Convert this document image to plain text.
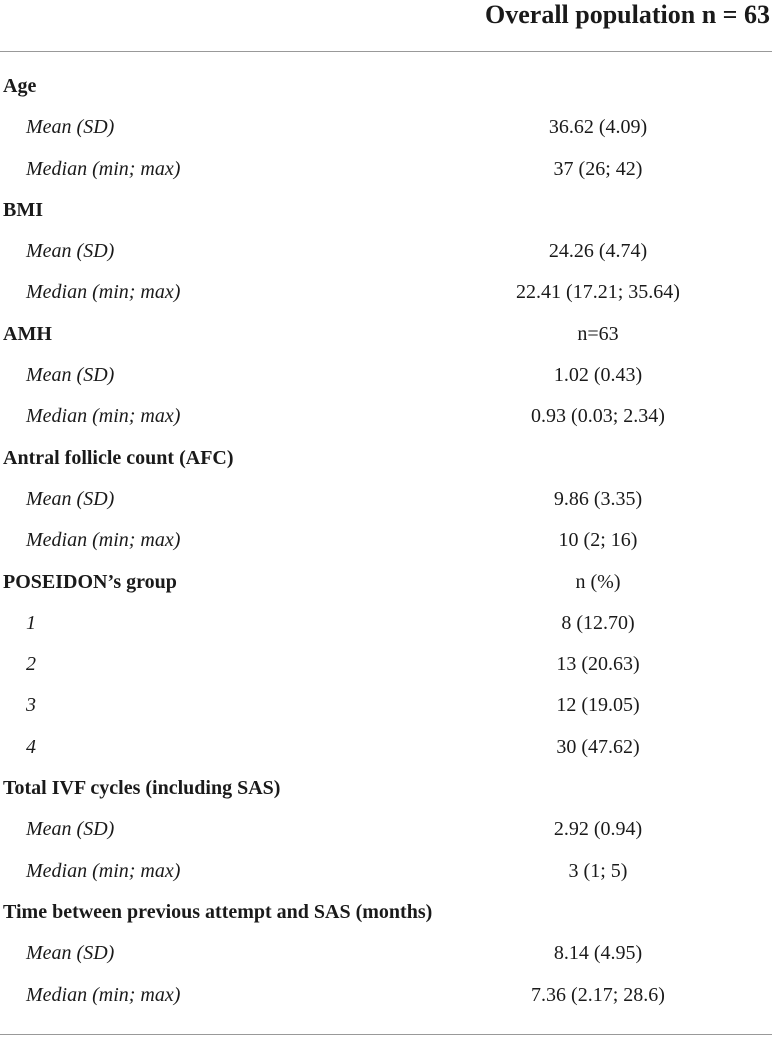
Overall population n = 63
Age
Mean (SD)	36.62 (4.09)
Median (min; max)	37 (26; 42)
BMI
Mean (SD)	24.26 (4.74)
Median (min; max)	22.41 (17.21; 35.64)
AMH	n=63
Mean (SD)	1.02 (0.43)
Median (min; max)	0.93 (0.03; 2.34)
Antral follicle count (AFC)
Mean (SD)	9.86 (3.35)
Median (min; max)	10 (2; 16)
POSEIDON’s group	n (%)
1	8 (12.70)
2	13 (20.63)
3	12 (19.05)
4	30 (47.62)
Total IVF cycles (including SAS)
Mean (SD)	2.92 (0.94)
Median (min; max)	3 (1; 5)
Time between previous attempt and SAS (months)
Mean (SD)	8.14 (4.95)
Median (min; max)	7.36 (2.17; 28.6)
